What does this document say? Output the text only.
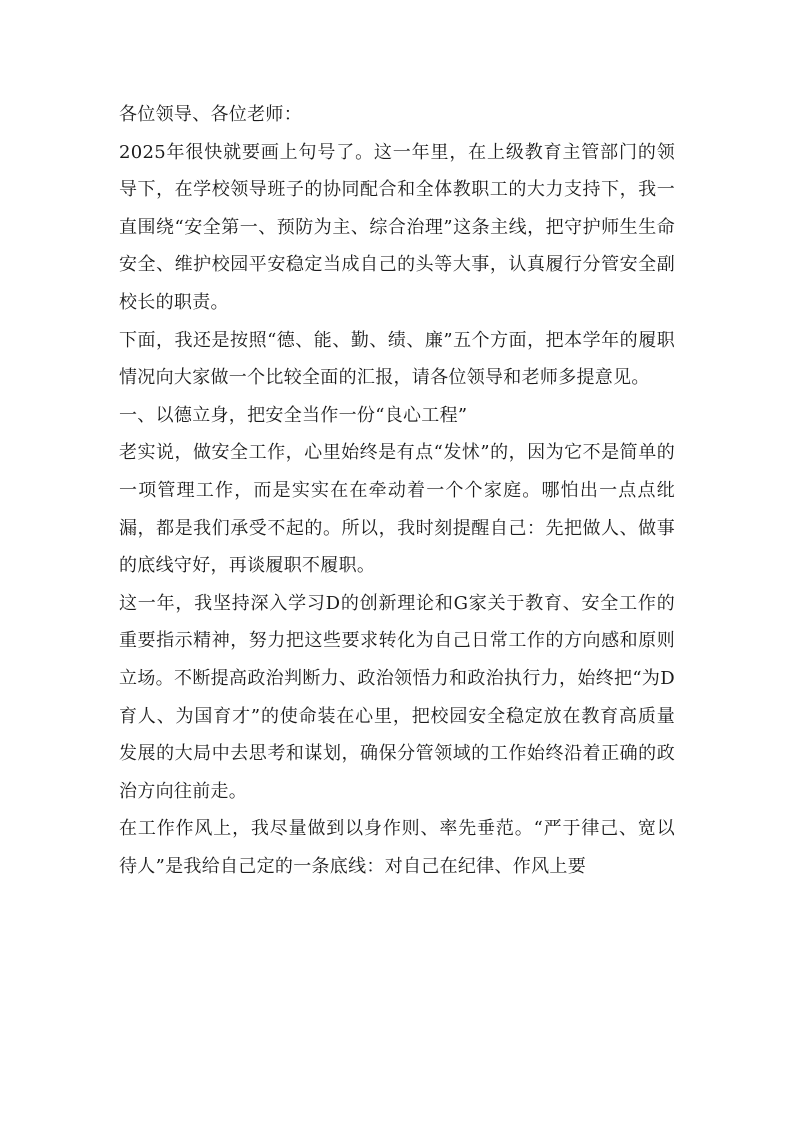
各位领导、各位老师：

2025年很快就要画上句号了。这一年里，在上级教育主管部门的领导下，在学校领导班子的协同配合和全体教职工的大力支持下，我一直围绕“安全第一、预防为主、综合治理”这条主线，把守护师生生命安全、维护校园平安稳定当成自己的头等大事，认真履行分管安全副校长的职责。

下面，我还是按照“德、能、勤、绩、廉”五个方面，把本学年的履职情况向大家做一个比较全面的汇报，请各位领导和老师多提意见。

一、以德立身，把安全当作一份“良心工程”

老实说，做安全工作，心里始终是有点“发怵”的，因为它不是简单的一项管理工作，而是实实在在牵动着一个个家庭。哪怕出一点点纰漏，都是我们承受不起的。所以，我时刻提醒自己：先把做人、做事的底线守好，再谈履职不履职。

这一年，我坚持深入学习D的创新理论和G家关于教育、安全工作的重要指示精神，努力把这些要求转化为自己日常工作的方向感和原则立场。不断提高政治判断力、政治领悟力和政治执行力，始终把“为D育人、为国育才”的使命装在心里，把校园安全稳定放在教育高质量发展的大局中去思考和谋划，确保分管领域的工作始终沿着正确的政治方向往前走。

在工作作风上，我尽量做到以身作则、率先垂范。“严于律己、宽以待人”是我给自己定的一条底线：对自己在纪律、作风上要
